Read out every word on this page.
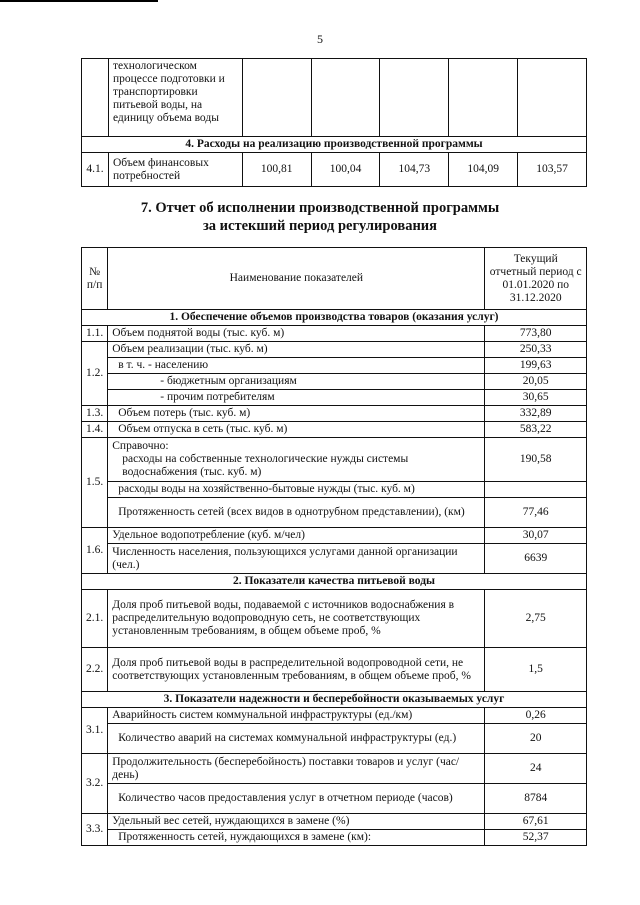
5
	технологическом процессе подготовки и транспортировки питьевой воды, на единицу объема воды					
4. Расходы на реализацию производственной программы						
4.1.	Объем финансовых потребностей	100,81	100,04	104,73	104,09	103,57
7. Отчет об исполнении производственной программы
за истекший период регулирования
№ п/п	Наименование показателей	Текущий отчетный период с 01.01.2020 по 31.12.2020
1. Обеспечение объемов производства товаров (оказания услуг)		
1.1.	Объем поднятой воды (тыс. куб. м)	773,80
1.2.	Объем реализации (тыс. куб. м)	250,33
	в т. ч. - населению	199,63
	- бюджетным организациям	20,05
	- прочим потребителям	30,65
1.3.	Объем потерь (тыс. куб. м)	332,89
1.4.	Объем отпуска в сеть (тыс. куб. м)	583,22
1.5.	Справочно:
расходы на собственные технологические нужды системы водоснабжения (тыс. куб. м)	190,58
	расходы воды на хозяйственно-бытовые нужды (тыс. куб. м)	
	Протяженность сетей (всех видов в однотрубном представлении), (км)	77,46
1.6.	Удельное водопотребление (куб. м/чел)	30,07
	Численность населения, пользующихся услугами данной организации (чел.)	6639
2. Показатели качества питьевой воды		
2.1.	Доля проб питьевой воды, подаваемой с источников водоснабжения в распределительную водопроводную сеть, не соответствующих установленным требованиям, в общем объеме проб, %	2,75
2.2.	Доля проб питьевой воды в распределительной водопроводной сети, не соответствующих установленным требованиям, в общем объеме проб, %	1,5
3. Показатели надежности и бесперебойности оказываемых услуг		
3.1.	Аварийность систем коммунальной инфраструктуры (ед./км)	0,26
	Количество аварий на системах коммунальной инфраструктуры (ед.)	20
3.2.	Продолжительность (бесперебойность) поставки товаров и услуг (час/день)	24
	Количество часов предоставления услуг в отчетном периоде (часов)	8784
3.3.	Удельный вес сетей, нуждающихся в замене (%)	67,61
	Протяженность сетей, нуждающихся в замене (км):	52,37
